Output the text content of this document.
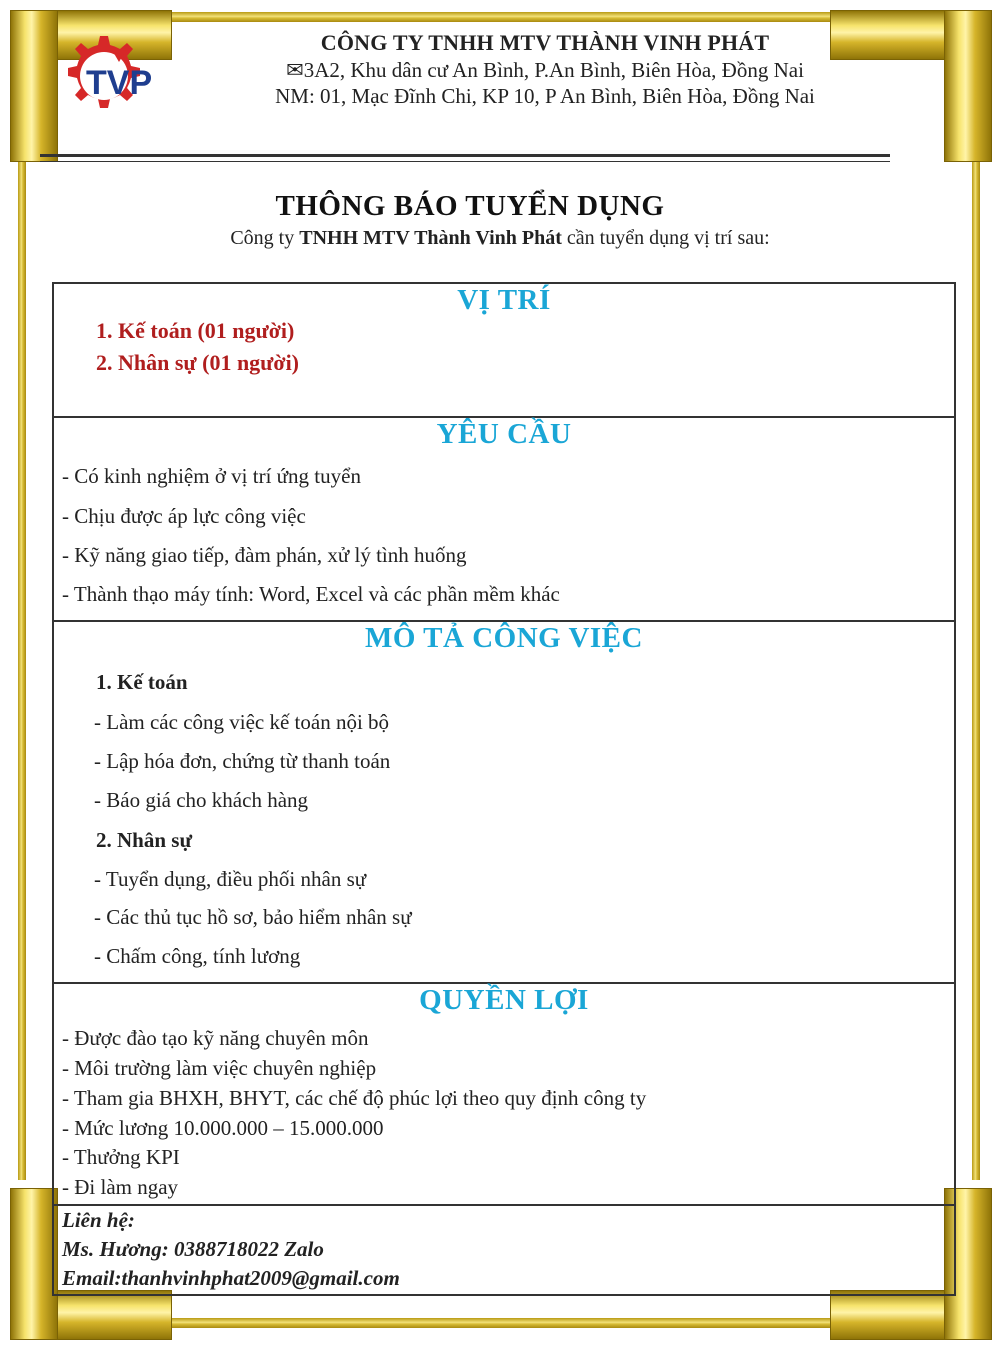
TVP
CÔNG TY TNHH MTV THÀNH VINH PHÁT
✉3A2, Khu dân cư An Bình, P.An Bình, Biên Hòa, Đồng Nai
NM: 01, Mạc Đĩnh Chi, KP 10, P An Bình, Biên Hòa, Đồng Nai
THÔNG BÁO TUYỂN DỤNG
Công ty TNHH MTV Thành Vinh Phát cần tuyển dụng vị trí sau:
VỊ TRÍ
1. Kế toán (01 người)
2. Nhân sự (01 người)
YÊU CẦU
- Có kinh nghiệm ở vị trí ứng tuyển
- Chịu được áp lực công việc
- Kỹ năng giao tiếp, đàm phán, xử lý tình huống
- Thành thạo máy tính: Word, Excel và các phần mềm khác
MÔ TẢ CÔNG VIỆC
1. Kế toán
- Làm các công việc kế toán nội bộ
- Lập hóa đơn, chứng từ thanh toán
- Báo giá cho khách hàng
2. Nhân sự
- Tuyển dụng, điều phối nhân sự
- Các thủ tục hồ sơ, bảo hiểm nhân sự
- Chấm công, tính lương
QUYỀN LỢI
- Được đào tạo kỹ năng chuyên môn
- Môi trường làm việc chuyên nghiệp
- Tham gia BHXH, BHYT, các chế độ phúc lợi theo quy định công ty
- Mức lương 10.000.000 – 15.000.000
- Thưởng KPI
- Đi làm ngay
Liên hệ:
Ms. Hương: 0388718022 Zalo
Email:thanhvinhphat2009@gmail.com
